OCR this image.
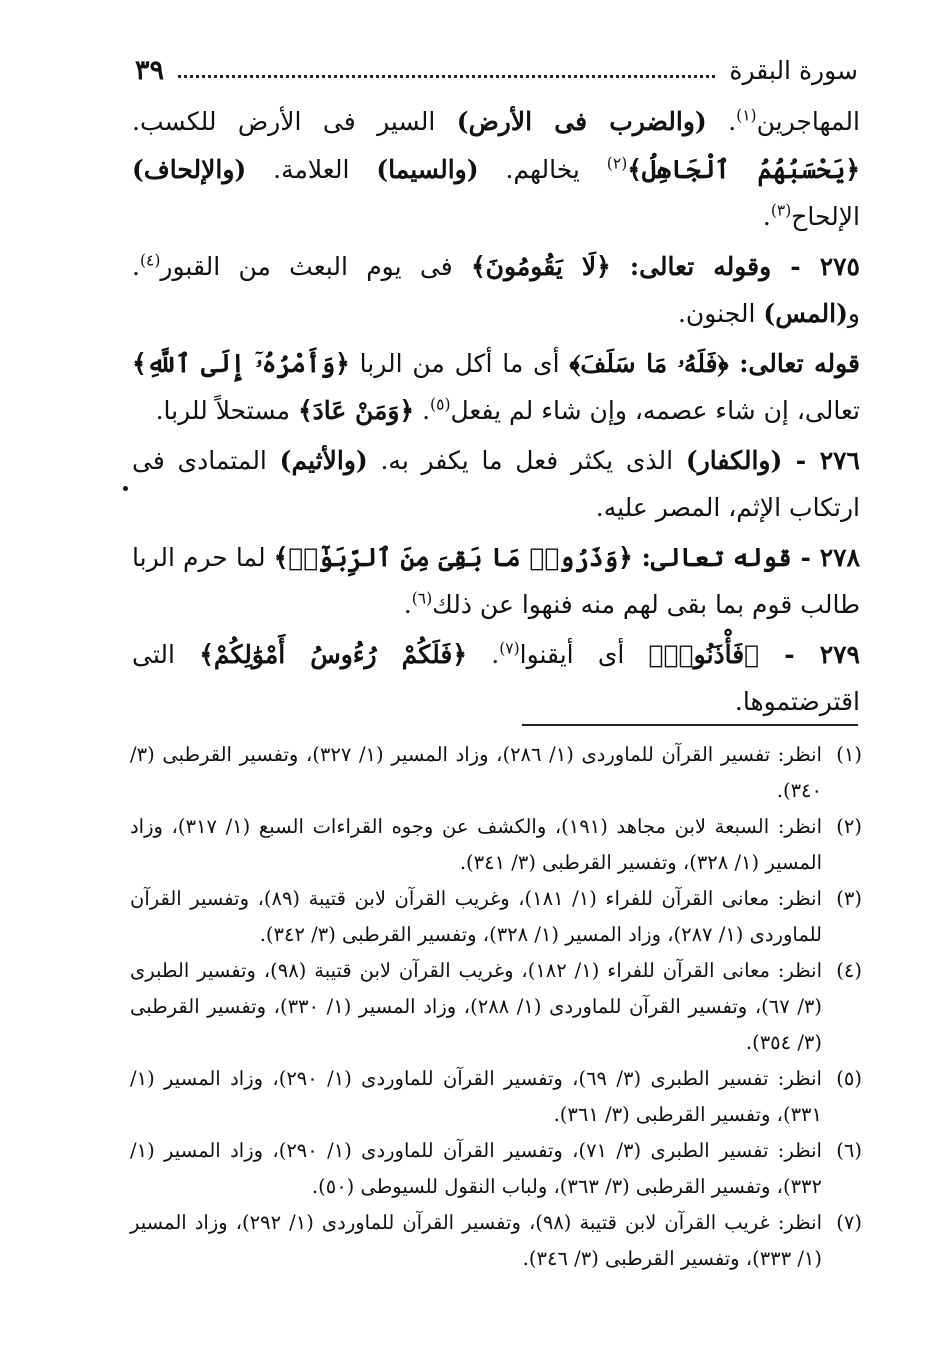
سورة البقرة
٣٩

المهاجرين$^{(١)}$. (والضرب فى الأرض) السير فى الأرض للكسب. ﴿يَحْسَبُهُمُ ٱلْجَاهِلُ﴾$^{(٢)}$ يخالهم. (والسيما) العلامة. (والإلحاف) الإلحاح$^{(٣)}$.

٢٧٥ - وقوله تعالى: ﴿لَا يَقُومُونَ﴾ فى يوم البعث من القبور$^{(٤)}$. و(المس) الجنون.

قوله تعالى: ﴿فَلَهُۥ مَا سَلَفَ﴾ أى ما أكل من الربا ﴿وَأَمْرُهُۥٓ إِلَى ٱللَّهِ﴾ تعالى، إن شاء عصمه، وإن شاء لم يفعل$^{(٥)}$. ﴿وَمَنْ عَادَ﴾ مستحلاً للربا.

٢٧٦ - (والكفار) الذى يكثر فعل ما يكفر به. (والأثيم) المتمادى فى ارتكاب الإثم، المصر عليه.

٢٧٨ - قوله تعالى: ﴿وَذَرُوا۟ مَا بَقِىَ مِنَ ٱلرِّبَوٰٓا۟﴾ لما حرم الربا طالب قوم بما بقى لهم منه فنهوا عن ذلك$^{(٦)}$.

٢٧٩ - ﴿فَأْذَنُوا۟﴾ أى أيقنوا$^{(٧)}$. ﴿فَلَكُمْ رُءُوسُ أَمْوَٰلِكُمْ﴾ التى اقترضتموها.

(١)
انظر: تفسير القرآن للماوردى (١/ ٢٨٦)، وزاد المسير (١/ ٣٢٧)، وتفسير القرطبى (٣/ ٣٤٠).
(٢)
انظر: السبعة لابن مجاهد (١٩١)، والكشف عن وجوه القراءات السبع (١/ ٣١٧)، وزاد المسير (١/ ٣٢٨)، وتفسير القرطبى (٣/ ٣٤١).
(٣)
انظر: معانى القرآن للفراء (١/ ١٨١)، وغريب القرآن لابن قتيبة (٨٩)، وتفسير القرآن للماوردى (١/ ٢٨٧)، وزاد المسير (١/ ٣٢٨)، وتفسير القرطبى (٣/ ٣٤٢).
(٤)
انظر: معانى القرآن للفراء (١/ ١٨٢)، وغريب القرآن لابن قتيبة (٩٨)، وتفسير الطبرى (٣/ ٦٧)، وتفسير القرآن للماوردى (١/ ٢٨٨)، وزاد المسير (١/ ٣٣٠)، وتفسير القرطبى (٣/ ٣٥٤).
(٥)
انظر: تفسير الطبرى (٣/ ٦٩)، وتفسير القرآن للماوردى (١/ ٢٩٠)، وزاد المسير (١/ ٣٣١)، وتفسير القرطبى (٣/ ٣٦١).
(٦)
انظر: تفسير الطبرى (٣/ ٧١)، وتفسير القرآن للماوردى (١/ ٢٩٠)، وزاد المسير (١/ ٣٣٢)، وتفسير القرطبى (٣/ ٣٦٣)، ولباب النقول للسيوطى (٥٠).
(٧)
انظر: غريب القرآن لابن قتيبة (٩٨)، وتفسير القرآن للماوردى (١/ ٢٩٢)، وزاد المسير (١/ ٣٣٣)، وتفسير القرطبى (٣/ ٣٤٦).
